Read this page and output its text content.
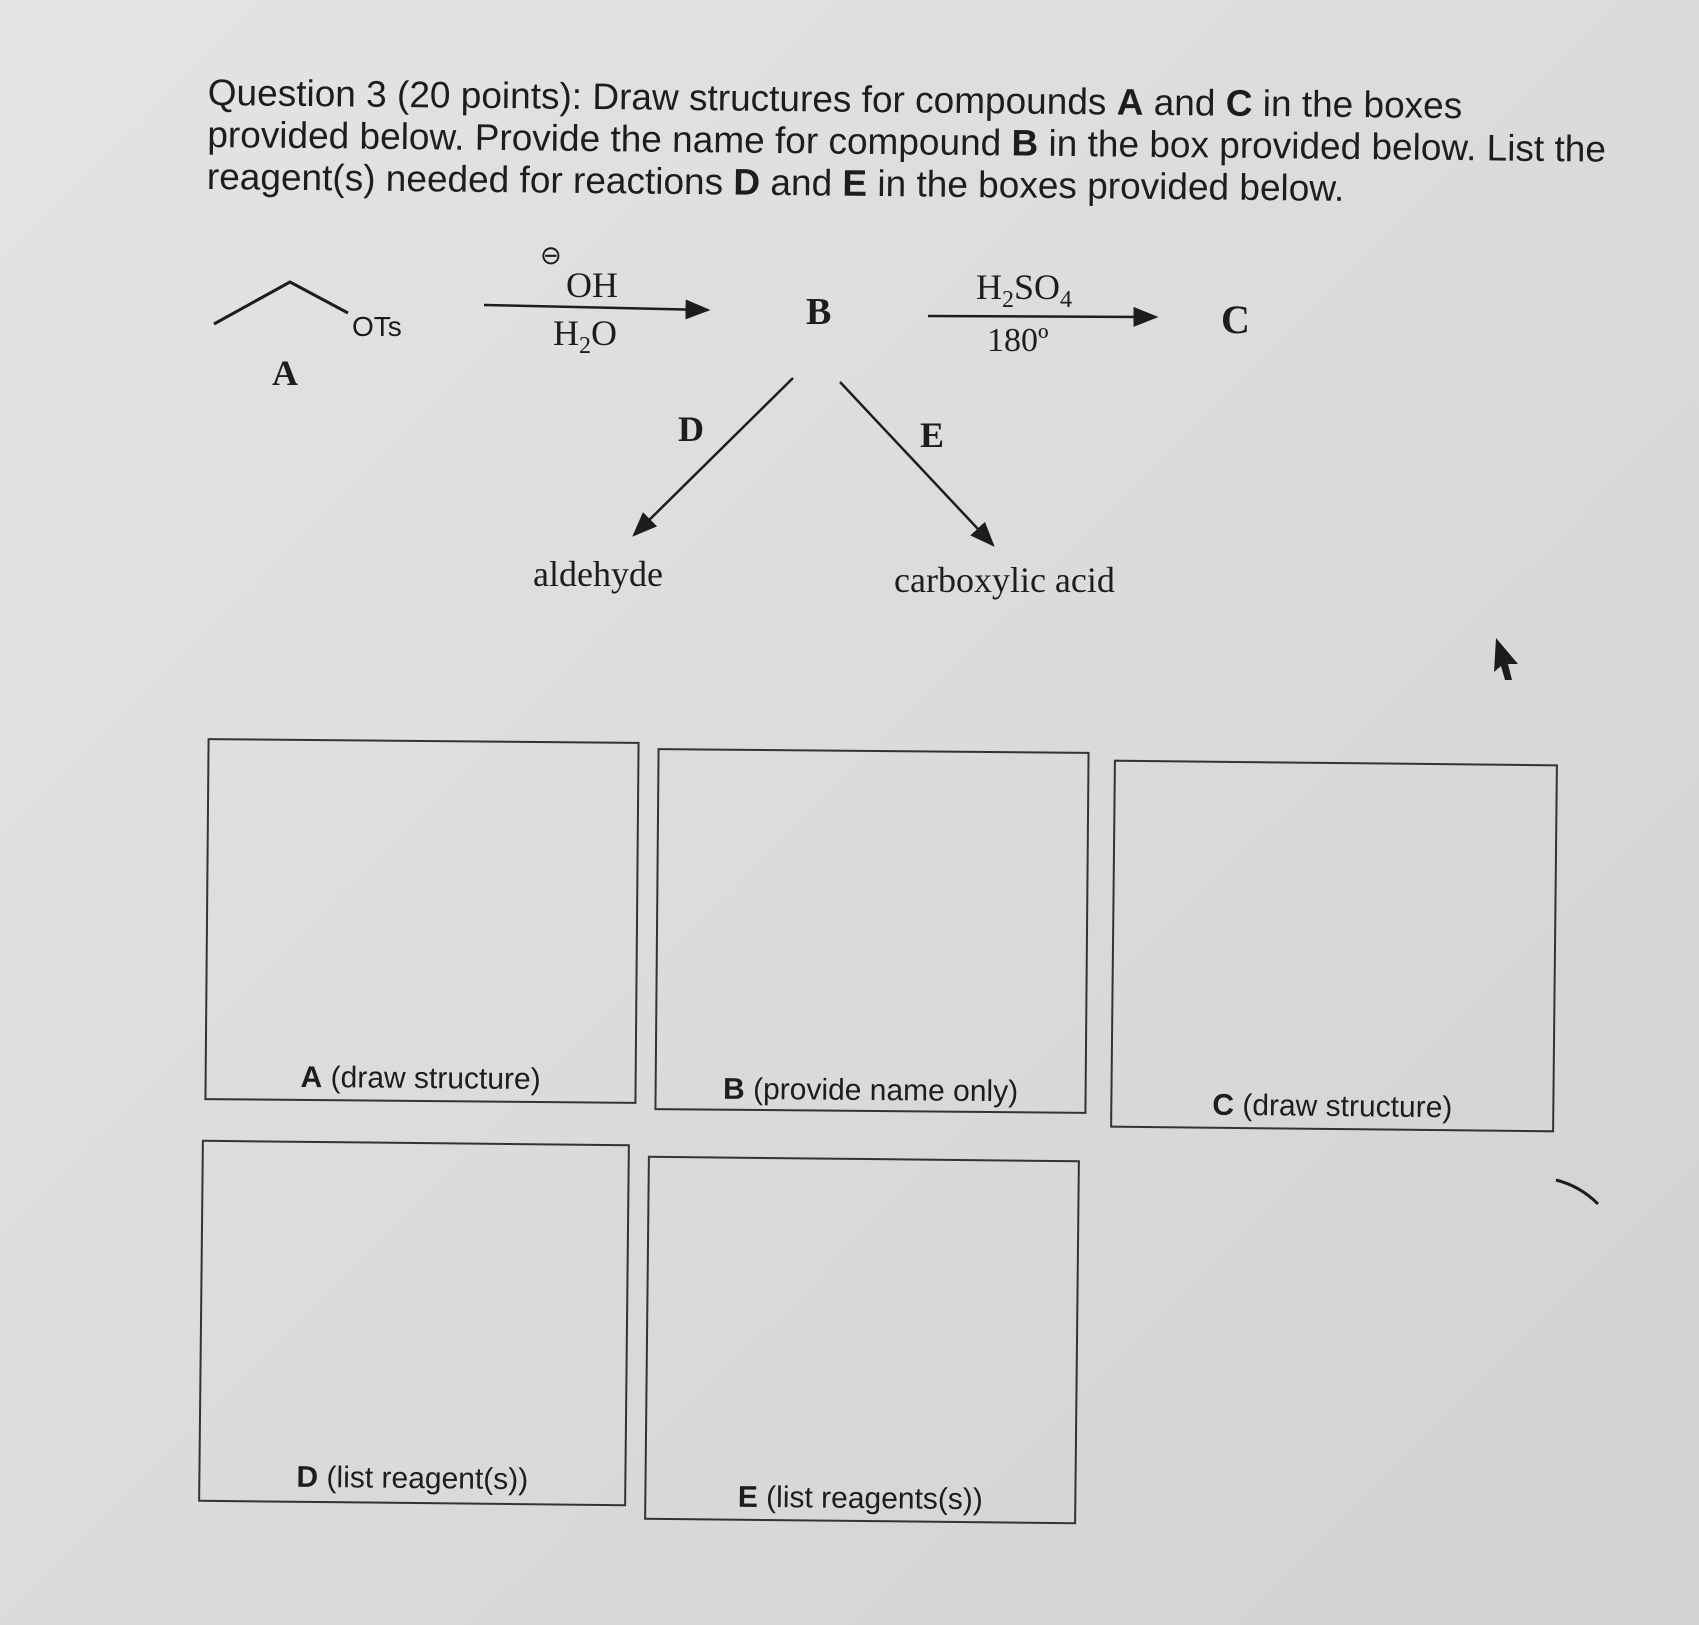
Question 3 (20 points): Draw structures for compounds A and C in the boxes provided below. Provide the name for compound B in the box provided below. List the reagent(s) needed for reactions D and E in the boxes provided below.
OTs
A
⊖
OH
$H_2O$	B
$H_2SO_4$
180º	C
D	E
aldehyde	carboxylic acid
A (draw structure)	B (provide name only)	C (draw structure)
D (list reagent(s))
E (list reagents(s))
